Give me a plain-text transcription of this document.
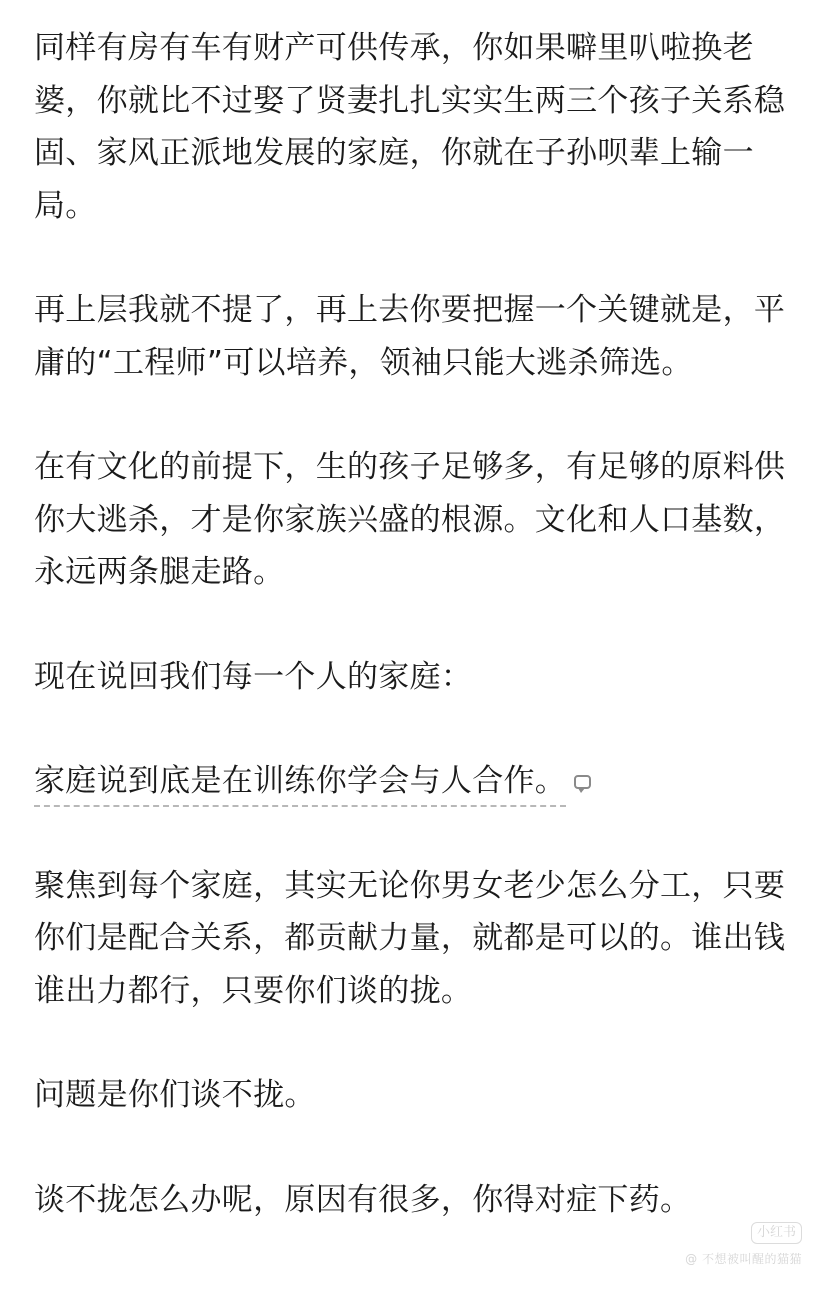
同样有房有车有财产可供传承，你如果噼里叭啦换老婆，你就比不过娶了贤妻扎扎实实生两三个孩子关系稳固、家风正派地发展的家庭，你就在子孙呗辈上输一局。

再上层我就不提了，再上去你要把握一个关键就是，平庸的“工程师”可以培养，领袖只能大逃杀筛选。

在有文化的前提下，生的孩子足够多，有足够的原料供你大逃杀，才是你家族兴盛的根源。文化和人口基数，永远两条腿走路。

现在说回我们每一个人的家庭：

家庭说到底是在训练你学会与人合作。

聚焦到每个家庭，其实无论你男女老少怎么分工，只要你们是配合关系，都贡献力量，就都是可以的。谁出钱谁出力都行，只要你们谈的拢。

问题是你们谈不拢。

谈不拢怎么办呢，原因有很多，你得对症下药。

小红书
@ 不想被叫醒的猫猫
